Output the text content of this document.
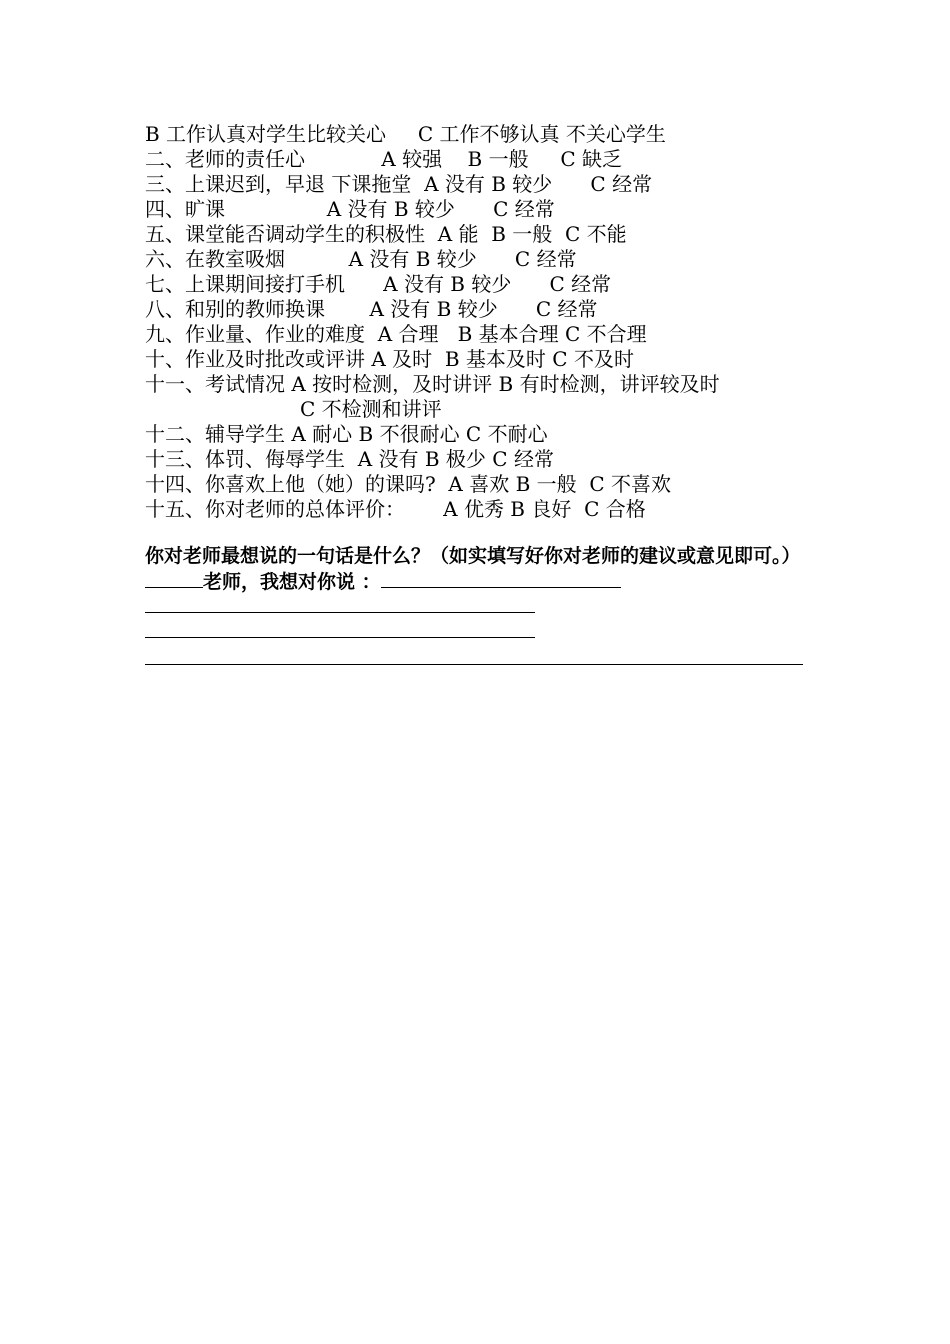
B 工作认真对学生比较关心     C 工作不够认真 不关心学生
二、老师的责任心            A 较强    B 一般     C 缺乏
三、上课迟到，早退 下课拖堂  A 没有 B 较少      C 经常
四、旷课                A 没有 B 较少      C 经常
五、课堂能否调动学生的积极性  A 能  B 一般  C 不能
六、在教室吸烟          A 没有 B 较少      C 经常
七、上课期间接打手机      A 没有 B 较少      C 经常
八、和别的教师换课       A 没有 B 较少      C 经常
九、作业量、作业的难度  A 合理   B 基本合理 C 不合理
十、作业及时批改或评讲 A 及时  B 基本及时 C 不及时
十一、考试情况 A 按时检测，及时讲评 B 有时检测，讲评较及时
C 不检测和讲评
十二、辅导学生 A 耐心 B 不很耐心 C 不耐心
十三、体罚、侮辱学生  A 没有 B 极少 C 经常
十四、你喜欢上他（她）的课吗?  A 喜欢 B 一般  C 不喜欢
十五、你对老师的总体评价：      A 优秀 B 良好  C 合格
你对老师最想说的一句话是什么？（如实填写好你对老师的建议或意见即可。）
老师，我想对你说 ：
